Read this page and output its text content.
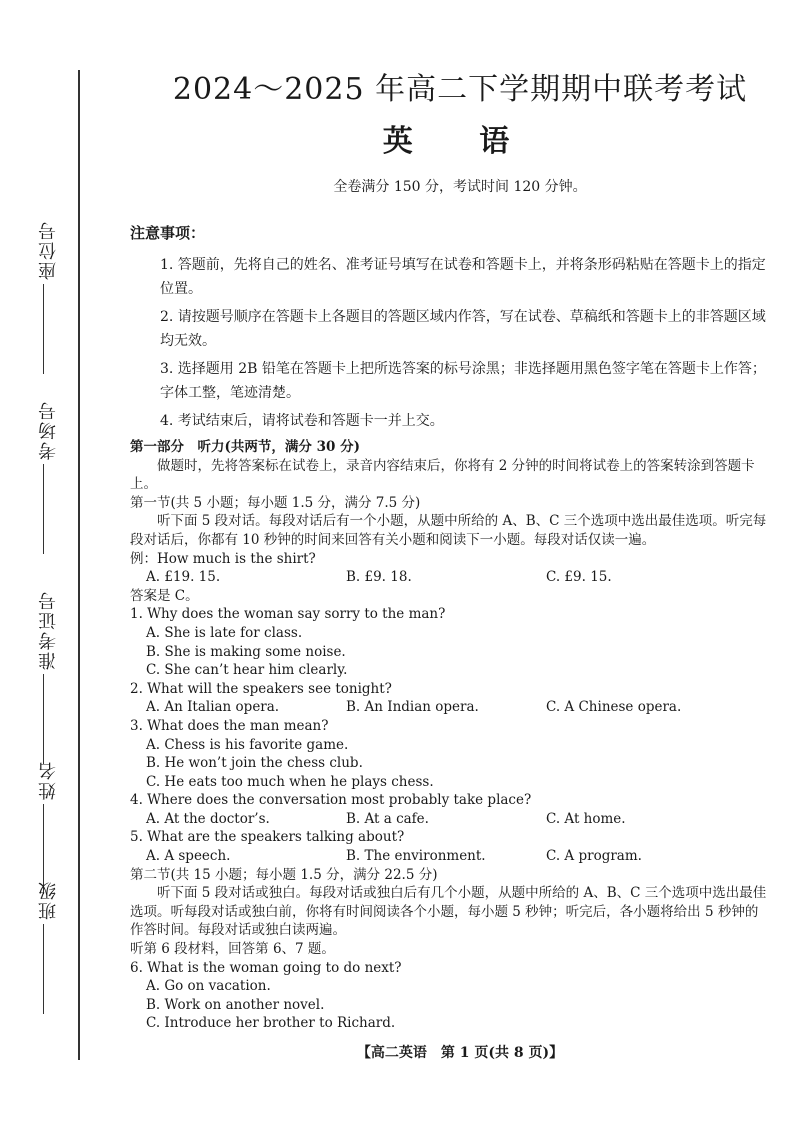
座位号
考场号
准考证号
姓名
班级
2024～2025 年高二下学期期中联考考试
英 语
全卷满分 150 分，考试时间 120 分钟。
注意事项：
1. 答题前，先将自己的姓名、准考证号填写在试卷和答题卡上，并将条形码粘贴在答题卡上的指定位置。
2. 请按题号顺序在答题卡上各题目的答题区域内作答，写在试卷、草稿纸和答题卡上的非答题区域均无效。
3. 选择题用 2B 铅笔在答题卡上把所选答案的标号涂黑；非选择题用黑色签字笔在答题卡上作答；字体工整，笔迹清楚。
4. 考试结束后，请将试卷和答题卡一并上交。
第一部分　听力(共两节，满分 30 分)
做题时，先将答案标在试卷上，录音内容结束后，你将有 2 分钟的时间将试卷上的答案转涂到答题卡上。
第一节(共 5 小题；每小题 1.5 分，满分 7.5 分)
听下面 5 段对话。每段对话后有一个小题，从题中所给的 A、B、C 三个选项中选出最佳选项。听完每段对话后，你都有 10 秒钟的时间来回答有关小题和阅读下一小题。每段对话仅读一遍。
例：How much is the shirt?
A. £19. 15.	B. £9. 18.	C. £9. 15.
答案是 C。
1. Why does the woman say sorry to the man?
A. She is late for class.
B. She is making some noise.
C. She can’t hear him clearly.
2. What will the speakers see tonight?
A. An Italian opera.	B. An Indian opera.	C. A Chinese opera.
3. What does the man mean?
A. Chess is his favorite game.
B. He won’t join the chess club.
C. He eats too much when he plays chess.
4. Where does the conversation most probably take place?
A. At the doctor’s.	B. At a cafe.	C. At home.
5. What are the speakers talking about?
A. A speech.	B. The environment.	C. A program.
第二节(共 15 小题；每小题 1.5 分，满分 22.5 分)
听下面 5 段对话或独白。每段对话或独白后有几个小题，从题中所给的 A、B、C 三个选项中选出最佳选项。听每段对话或独白前，你将有时间阅读各个小题，每小题 5 秒钟；听完后，各小题将给出 5 秒钟的作答时间。每段对话或独白读两遍。
听第 6 段材料，回答第 6、7 题。
6. What is the woman going to do next?
A. Go on vacation.
B. Work on another novel.
C. Introduce her brother to Richard.
【高二英语　第 1 页(共 8 页)】
